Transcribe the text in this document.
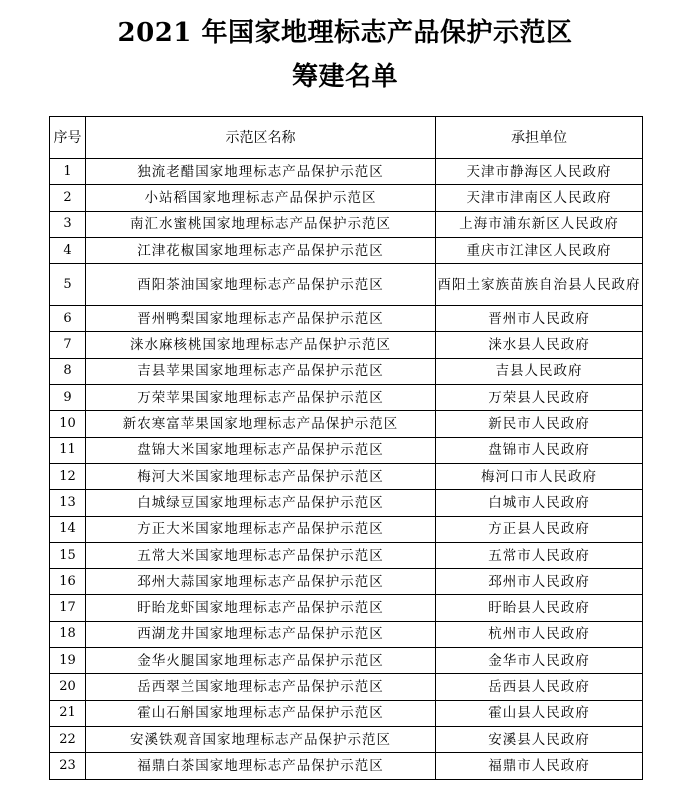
2021 年国家地理标志产品保护示范区
筹建名单
序号	示范区名称	承担单位
1	独流老醋国家地理标志产品保护示范区	天津市静海区人民政府
2	小站稻国家地理标志产品保护示范区	天津市津南区人民政府
3	南汇水蜜桃国家地理标志产品保护示范区	上海市浦东新区人民政府
4	江津花椒国家地理标志产品保护示范区	重庆市江津区人民政府
5	酉阳茶油国家地理标志产品保护示范区	酉阳土家族苗族自治县人民政府
6	晋州鸭梨国家地理标志产品保护示范区	晋州市人民政府
7	涞水麻核桃国家地理标志产品保护示范区	涞水县人民政府
8	吉县苹果国家地理标志产品保护示范区	吉县人民政府
9	万荣苹果国家地理标志产品保护示范区	万荣县人民政府
10	新农寒富苹果国家地理标志产品保护示范区	新民市人民政府
11	盘锦大米国家地理标志产品保护示范区	盘锦市人民政府
12	梅河大米国家地理标志产品保护示范区	梅河口市人民政府
13	白城绿豆国家地理标志产品保护示范区	白城市人民政府
14	方正大米国家地理标志产品保护示范区	方正县人民政府
15	五常大米国家地理标志产品保护示范区	五常市人民政府
16	邳州大蒜国家地理标志产品保护示范区	邳州市人民政府
17	盱眙龙虾国家地理标志产品保护示范区	盱眙县人民政府
18	西湖龙井国家地理标志产品保护示范区	杭州市人民政府
19	金华火腿国家地理标志产品保护示范区	金华市人民政府
20	岳西翠兰国家地理标志产品保护示范区	岳西县人民政府
21	霍山石斛国家地理标志产品保护示范区	霍山县人民政府
22	安溪铁观音国家地理标志产品保护示范区	安溪县人民政府
23	福鼎白茶国家地理标志产品保护示范区	福鼎市人民政府
